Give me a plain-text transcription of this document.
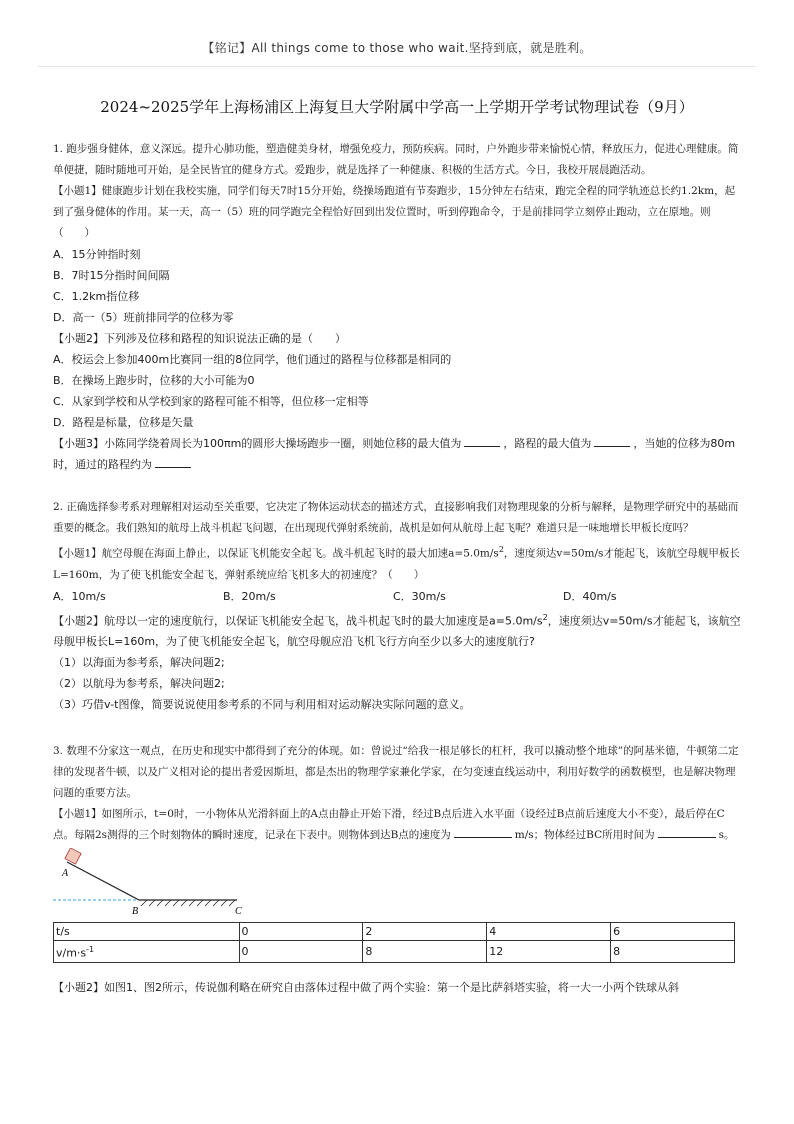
【铭记】All things come to those who wait.坚持到底，就是胜利。
2024~2025学年上海杨浦区上海复旦大学附属中学高一上学期开学考试物理试卷（9月）

1. 跑步强身健体，意义深远。提升心肺功能，塑造健美身材，增强免疫力，预防疾病。同时，户外跑步带来愉悦心情，释放压力，促进心理健康。简单便捷，随时随地可开始，是全民皆宜的健身方式。爱跑步，就是选择了一种健康、积极的生活方式。今日，我校开展晨跑活动。

【小题1】健康跑步计划在我校实施，同学们每天7时15分开始，绕操场跑道有节奏跑步，15分钟左右结束，跑完全程的同学轨迹总长约1.2km，起到了强身健体的作用。某一天，高一（5）班的同学跑完全程恰好回到出发位置时，听到停跑命令，于是前排同学立刻停止跑动，立在原地。则（　　）

A．15分钟指时刻

B．7时15分指时间间隔

C．1.2km指位移

D．高一（5）班前排同学的位移为零

【小题2】下列涉及位移和路程的知识说法正确的是（　　）

A．校运会上参加400m比赛同一组的8位同学，他们通过的路程与位移都是相同的

B．在操场上跑步时，位移的大小可能为0

C．从家到学校和从学校到家的路程可能不相等，但位移一定相等

D．路程是标量，位移是矢量

【小题3】小陈同学绕着周长为100πm的圆形大操场跑步一圈，则她位移的最大值为	，路程的最大值为	，当她的位移为80m时，通过的路程约为

2. 正确选择参考系对理解相对运动至关重要，它决定了物体运动状态的描述方式，直接影响我们对物理现象的分析与解释，是物理学研究中的基础而重要的概念。我们熟知的航母上战斗机起飞问题，在出现现代弹射系统前，战机是如何从航母上起飞呢？难道只是一味地增长甲板长度吗？

【小题1】航空母舰在海面上静止，以保证飞机能安全起飞。战斗机起飞时的最大加速$a=5.0m/s^2$，速度须达v=50m/s才能起飞，该航空母舰甲板长L=160m，为了使飞机能安全起飞，弹射系统应给飞机多大的初速度？（　　）

A．10m/s	B．20m/s	C．30m/s	D．40m/s

【小题2】航母以一定的速度航行，以保证飞机能安全起飞，战斗机起飞时的最大加速度是$a=5.0m/s^2$，速度须达v=50m/s才能起飞，该航空母舰甲板长L=160m，为了使飞机能安全起飞，航空母舰应沿飞机飞行方向至少以多大的速度航行?

（1）以海面为参考系，解决问题2;

（2）以航母为参考系，解决问题2;

（3）巧借v-t图像，简要说说使用参考系的不同与利用相对运动解决实际问题的意义。

3. 数理不分家这一观点，在历史和现实中都得到了充分的体现。如：曾说过“给我一根足够长的杠杆，我可以撬动整个地球”的阿基米德，牛顿第二定律的发现者牛顿，以及广义相对论的提出者爱因斯坦，都是杰出的物理学家兼化学家，在匀变速直线运动中，利用好数学的函数模型，也是解决物理问题的重要方法。

【小题1】如图所示，t=0时，一小物体从光滑斜面上的A点由静止开始下滑，经过B点后进入水平面（设经过B点前后速度大小不变），最后停在C点。每隔2s测得的三个时刻物体的瞬时速度，记录在下表中。则物体到达B点的速度为	m/s；物体经过BC所用时间为	s。

A
B	C
t/s	0	2	4	6
$v/m\cdot s^{-1}$	0	8	12	8

【小题2】如图1、图2所示，传说伽利略在研究自由落体过程中做了两个实验：第一个是比萨斜塔实验，将一大一小两个铁球从斜
